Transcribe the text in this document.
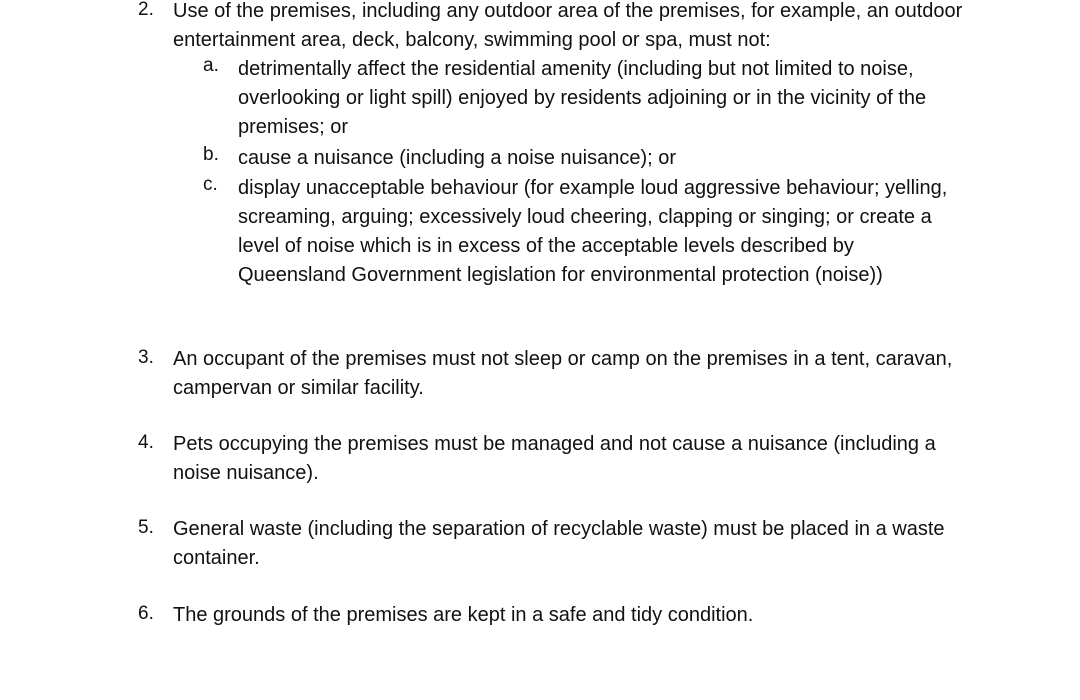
2. Use of the premises, including any outdoor area of the premises, for example, an outdoor entertainment area, deck, balcony, swimming pool or spa, must not:
a. detrimentally affect the residential amenity (including but not limited to noise, overlooking or light spill) enjoyed by residents adjoining or in the vicinity of the premises; or
b. cause a nuisance (including a noise nuisance); or
c.	display unacceptable behaviour (for example loud aggressive behaviour; yelling, screaming, arguing; excessively loud cheering, clapping or singing; or create a level of noise which is in excess of the acceptable levels described by Queensland Government legislation for environmental protection (noise))
3. An occupant of the premises must not sleep or camp on the premises in a tent, caravan, campervan or similar facility.
4. Pets occupying the premises must be managed and not cause a nuisance (including a noise nuisance).
5. General waste (including the separation of recyclable waste) must be placed in a waste container.
6. The grounds of the premises are kept in a safe and tidy condition.
